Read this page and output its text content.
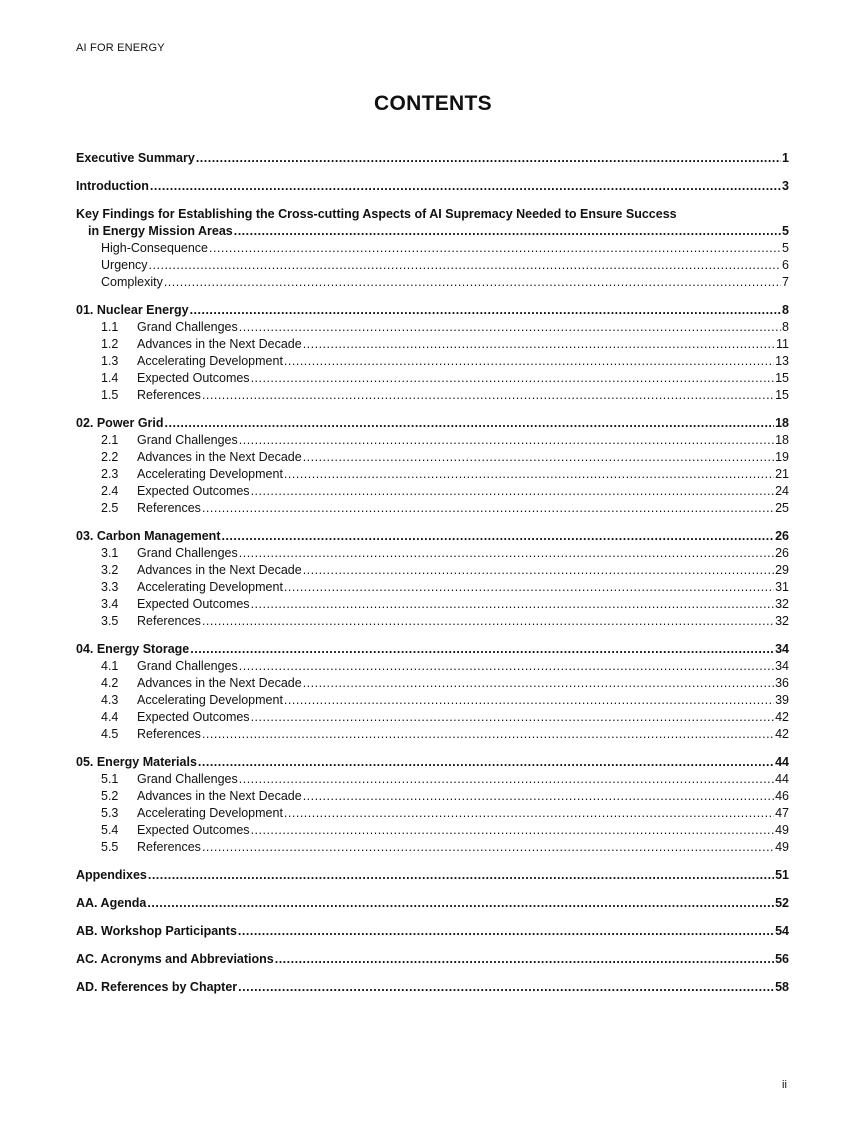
AI FOR ENERGY
CONTENTS
Executive Summary .....	1
Introduction .....	3
Key Findings for Establishing the Cross-cutting Aspects of AI Supremacy Needed to Ensure Success
in Energy Mission Areas .....	5
High-Consequence .....	5
Urgency .....	6
Complexity .....	7
01. Nuclear Energy .....	8
1.1 Grand Challenges .....	8
1.2 Advances in the Next Decade .....	11
1.3 Accelerating Development .....	13
1.4 Expected Outcomes .....	15
1.5 References .....	15
02. Power Grid .....	18
2.1 Grand Challenges .....	18
2.2 Advances in the Next Decade .....	19
2.3 Accelerating Development .....	21
2.4 Expected Outcomes .....	24
2.5 References .....	25
03. Carbon Management .....	26
3.1 Grand Challenges .....	26
3.2 Advances in the Next Decade .....	29
3.3 Accelerating Development .....	31
3.4 Expected Outcomes .....	32
3.5 References .....	32
04. Energy Storage .....	34
4.1 Grand Challenges .....	34
4.2 Advances in the Next Decade .....	36
4.3 Accelerating Development .....	39
4.4 Expected Outcomes .....	42
4.5 References .....	42
05. Energy Materials .....	44
5.1 Grand Challenges .....	44
5.2 Advances in the Next Decade .....	46
5.3 Accelerating Development .....	47
5.4 Expected Outcomes .....	49
5.5 References .....	49
Appendixes .....	51
AA. Agenda .....	52
AB. Workshop Participants .....	54
AC. Acronyms and Abbreviations .....	56
AD. References by Chapter .....	58
ii
